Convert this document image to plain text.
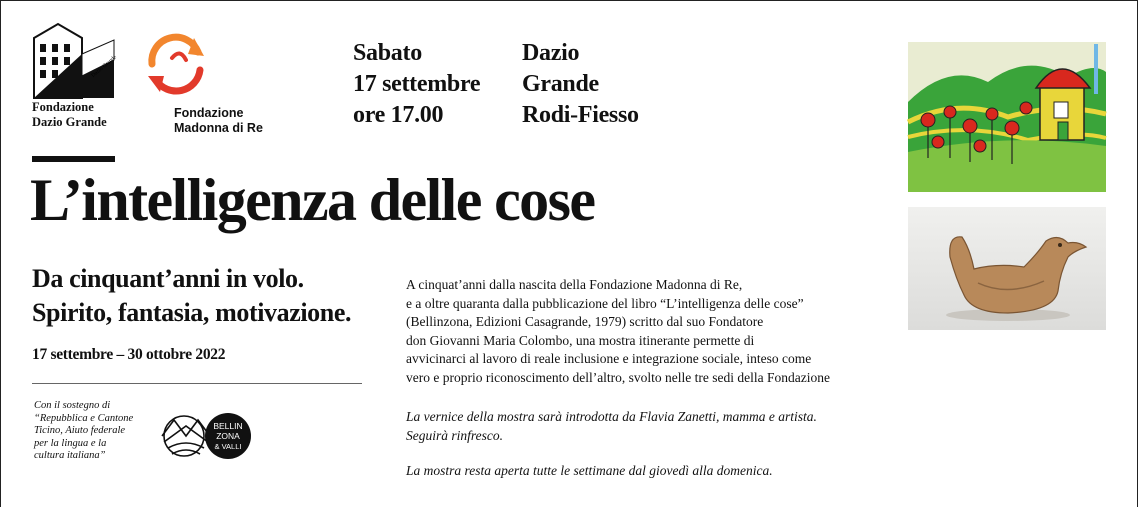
Dazio Grande
Fondazione
Dazio Grande
Fondazione
Madonna di Re
Sabato
17 settembre
ore 17.00
Dazio
Grande
Rodi-Fiesso
L’intelligenza delle cose
Da cinquant’anni in volo.
Spirito, fantasia, motivazione.
17 settembre – 30 ottobre 2022
Con il sostegno di
“Repubblica e Cantone
Ticino, Aiuto federale
per la lingua e la
cultura italiana”
BELLIN
ZONA
& VALLI
A cinquat’anni dalla nascita della Fondazione Madonna di Re,
e a oltre quaranta dalla pubblicazione del libro “L’intelligenza delle cose”
(Bellinzona, Edizioni Casagrande, 1979) scritto dal suo Fondatore
don Giovanni Maria Colombo, una mostra itinerante permette di
avvicinarci al lavoro di reale inclusione e integrazione sociale, inteso come
vero e proprio riconoscimento dell’altro, svolto nelle tre sedi della Fondazione
La vernice della mostra sarà introdotta da Flavia Zanetti, mamma e artista.
Seguirà rinfresco.
La mostra resta aperta tutte le settimane dal giovedì alla domenica.
